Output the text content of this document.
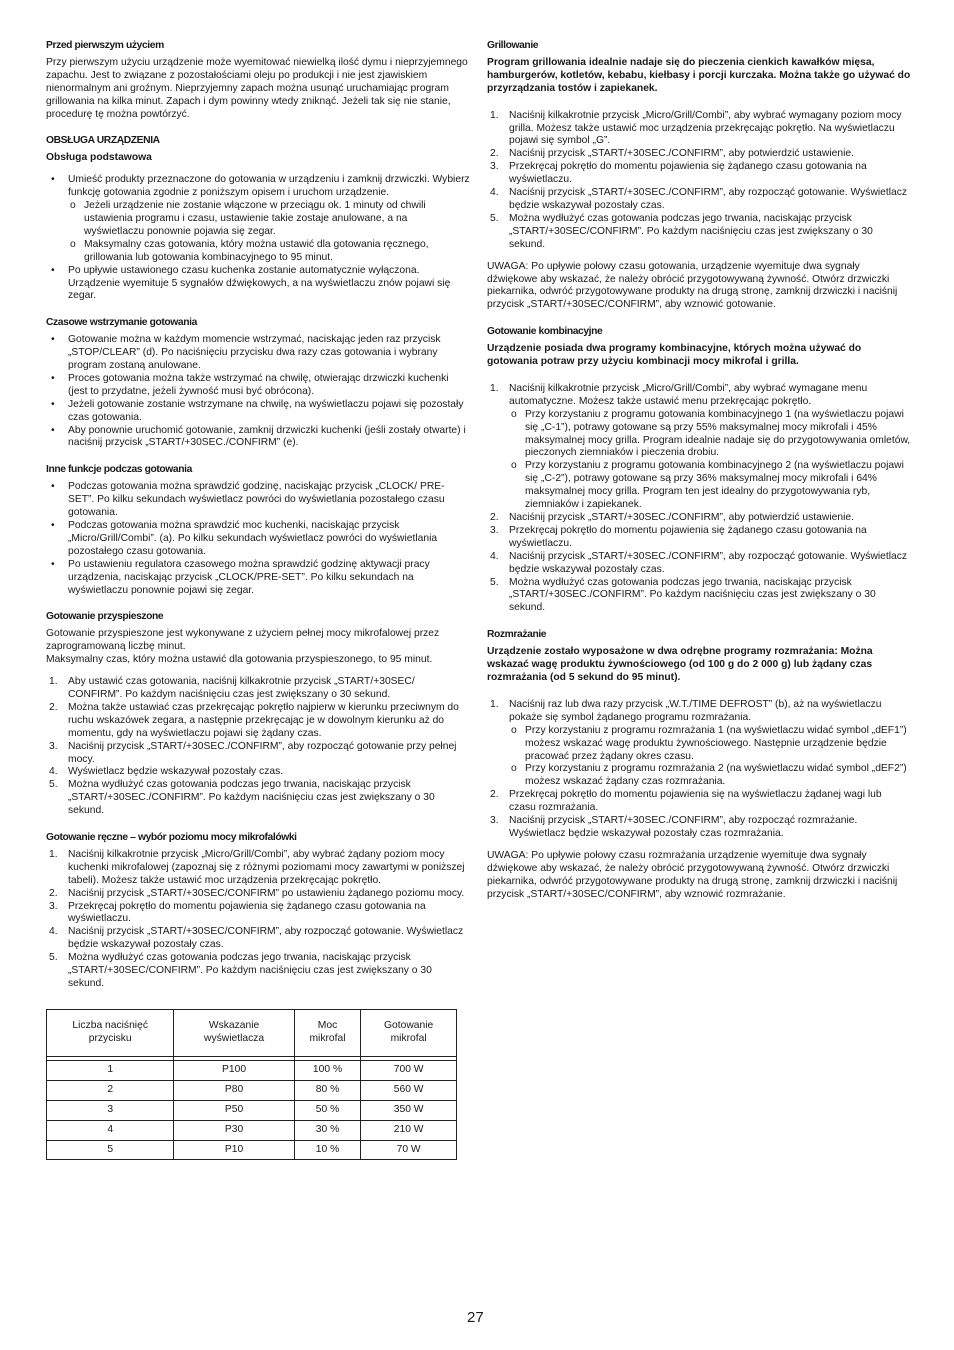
Przed pierwszym użyciem

Przy pierwszym użyciu urządzenie może wyemitować niewielką ilość dymu i nieprzyjemnego zapachu. Jest to związane z pozostałościami oleju po produkcji i nie jest zjawiskiem nienormalnym ani groźnym. Nieprzyjemny zapach można usunąć uruchamiając program grillowania na kilka minut. Zapach i dym powinny wtedy zniknąć. Jeżeli tak się nie stanie, procedurę tę można powtórzyć.

OBSŁUGA URZĄDZENIA

Obsługa podstawowa

• Umieść produkty przeznaczone do gotowania w urządzeniu i zamknij drzwiczki. Wybierz funkcję gotowania zgodnie z poniższym opisem i uruchom urządzenie.
o Jeżeli urządzenie nie zostanie włączone w przeciągu ok. 1 minuty od chwili ustawienia programu i czasu, ustawienie takie zostaje anulowane, a na wyświetlaczu ponownie pojawia się zegar.
o Maksymalny czas gotowania, który można ustawić dla gotowania ręcznego, grillowania lub gotowania kombinacyjnego to 95 minut.
• Po upływie ustawionego czasu kuchenka zostanie automatycznie wyłączona. Urządzenie wyemituje 5 sygnałów dźwiękowych, a na wyświetlaczu znów pojawi się zegar.
Czasowe wstrzymanie gotowania
• Gotowanie można w każdym momencie wstrzymać, naciskając jeden raz przycisk „STOP/CLEAR” (d). Po naciśnięciu przycisku dwa razy czas gotowania i wybrany program zostaną anulowane.
• Proces gotowania można także wstrzymać na chwilę, otwierając drzwiczki kuchenki (jest to przydatne, jeżeli żywność musi być obrócona).
• Jeżeli gotowanie zostanie wstrzymane na chwilę, na wyświetlaczu pojawi się pozostały czas gotowania.
• Aby ponownie uruchomić gotowanie, zamknij drzwiczki kuchenki (jeśli zostały otwarte) i naciśnij przycisk „START/+30SEC./CONFIRM” (e).
Inne funkcje podczas gotowania
• Podczas gotowania można sprawdzić godzinę, naciskając przycisk „CLOCK/ PRE-SET”. Po kilku sekundach wyświetlacz powróci do wyświetlania pozostałego czasu gotowania.
• Podczas gotowania można sprawdzić moc kuchenki, naciskając przycisk „Micro/Grill/Combi”. (a). Po kilku sekundach wyświetlacz powróci do wyświetlania pozostałego czasu gotowania.
• Po ustawieniu regulatora czasowego można sprawdzić godzinę aktywacji pracy urządzenia, naciskając przycisk „CLOCK/PRE-SET”. Po kilku sekundach na wyświetlaczu ponownie pojawi się zegar.
Gotowanie przyspieszone

Gotowanie przyspieszone jest wykonywane z użyciem pełnej mocy mikrofalowej przez zaprogramowaną liczbę minut.

Maksymalny czas, który można ustawić dla gotowania przyspieszonego, to 95 minut.

1. Aby ustawić czas gotowania, naciśnij kilkakrotnie przycisk „START/+30SEC/ CONFIRM”. Po każdym naciśnięciu czas jest zwiększany o 30 sekund.
2. Można także ustawiać czas przekręcając pokrętło najpierw w kierunku przeciwnym do ruchu wskazówek zegara, a następnie przekręcając je w dowolnym kierunku aż do momentu, gdy na wyświetlaczu pojawi się żądany czas.
3. Naciśnij przycisk „START/+30SEC./CONFIRM”, aby rozpocząć gotowanie przy pełnej mocy.
4. Wyświetlacz będzie wskazywał pozostały czas.
5. Można wydłużyć czas gotowania podczas jego trwania, naciskając przycisk „START/+30SEC./CONFIRM”. Po każdym naciśnięciu czas jest zwiększany o 30 sekund.
Gotowanie ręczne – wybór poziomu mocy mikrofalówki
1. Naciśnij kilkakrotnie przycisk „Micro/Grill/Combi”, aby wybrać żądany poziom mocy kuchenki mikrofalowej (zapoznaj się z różnymi poziomami mocy zawartymi w poniższej tabeli). Możesz także ustawić moc urządzenia przekręcając pokrętło.
2. Naciśnij przycisk „START/+30SEC/CONFIRM” po ustawieniu żądanego poziomu mocy.
3. Przekręcaj pokrętło do momentu pojawienia się żądanego czasu gotowania na wyświetlaczu.
4. Naciśnij przycisk „START/+30SEC/CONFIRM”, aby rozpocząć gotowanie. Wyświetlacz będzie wskazywał pozostały czas.
5. Można wydłużyć czas gotowania podczas jego trwania, naciskając przycisk „START/+30SEC/CONFIRM”. Po każdym naciśnięciu czas jest zwiększany o 30 sekund.
Liczba naciśnięć przycisku	Wskazanie wyświetlacza	Moc mikrofal	Gotowanie mikrofal

1	P100	100 %	700 W
2	P80	80 %	560 W
3	P50	50 %	350 W
4	P30	30 %	210 W
5	P10	10 %	70 W
Grillowanie

Program grillowania idealnie nadaje się do pieczenia cienkich kawałków mięsa, hamburgerów, kotletów, kebabu, kiełbasy i porcji kurczaka. Można także go używać do przyrządzania tostów i zapiekanek.

1. Naciśnij kilkakrotnie przycisk „Micro/Grill/Combi”, aby wybrać wymagany poziom mocy grilla. Możesz także ustawić moc urządzenia przekręcając pokrętło. Na wyświetlaczu pojawi się symbol „G”.
2. Naciśnij przycisk „START/+30SEC./CONFIRM”, aby potwierdzić ustawienie.
3. Przekręcaj pokrętło do momentu pojawienia się żądanego czasu gotowania na wyświetlaczu.
4. Naciśnij przycisk „START/+30SEC./CONFIRM”, aby rozpocząć gotowanie. Wyświetlacz będzie wskazywał pozostały czas.
5. Można wydłużyć czas gotowania podczas jego trwania, naciskając przycisk „START/+30SEC/CONFIRM”. Po każdym naciśnięciu czas jest zwiększany o 30 sekund.

UWAGA: Po upływie połowy czasu gotowania, urządzenie wyemituje dwa sygnały dźwiękowe aby wskazać, że należy obrócić przygotowywaną żywność. Otwórz drzwiczki piekarnika, odwróć przygotowywane produkty na drugą stronę, zamknij drzwiczki i naciśnij przycisk „START/+30SEC/CONFIRM”, aby wznowić gotowanie.

Gotowanie kombinacyjne

Urządzenie posiada dwa programy kombinacyjne, których można używać do gotowania potraw przy użyciu kombinacji mocy mikrofal i grilla.

1. Naciśnij kilkakrotnie przycisk „Micro/Grill/Combi”, aby wybrać wymagane menu automatyczne. Możesz także ustawić menu przekręcając pokrętło.
o Przy korzystaniu z programu gotowania kombinacyjnego 1 (na wyświetlaczu pojawi się „C-1”), potrawy gotowane są przy 55% maksymalnej mocy mikrofali i 45% maksymalnej mocy grilla. Program idealnie nadaje się do przygotowywania omletów, pieczonych ziemniaków i pieczenia drobiu.
o Przy korzystaniu z programu gotowania kombinacyjnego 2 (na wyświetlaczu pojawi się „C-2”), potrawy gotowane są przy 36% maksymalnej mocy mikrofali i 64% maksymalnej mocy grilla. Program ten jest idealny do przygotowywania ryb, ziemniaków i zapiekanek.
2. Naciśnij przycisk „START/+30SEC./CONFIRM”, aby potwierdzić ustawienie.
3. Przekręcaj pokrętło do momentu pojawienia się żądanego czasu gotowania na wyświetlaczu.
4. Naciśnij przycisk „START/+30SEC./CONFIRM”, aby rozpocząć gotowanie. Wyświetlacz będzie wskazywał pozostały czas.
5. Można wydłużyć czas gotowania podczas jego trwania, naciskając przycisk „START/+30SEC./CONFIRM”. Po każdym naciśnięciu czas jest zwiększany o 30 sekund.
Rozmrażanie

Urządzenie zostało wyposażone w dwa odrębne programy rozmrażania: Można wskazać wagę produktu żywnościowego (od 100 g do 2 000 g) lub żądany czas rozmrażania (od 5 sekund do 95 minut).

1. Naciśnij raz lub dwa razy przycisk „W.T./TIME DEFROST” (b), aż na wyświetlaczu pokaże się symbol żądanego programu rozmrażania.
o Przy korzystaniu z programu rozmrażania 1 (na wyświetlaczu widać symbol „dEF1”) możesz wskazać wagę produktu żywnościowego. Następnie urządzenie będzie pracować przez żądany okres czasu.
o Przy korzystaniu z programu rozmrażania 2 (na wyświetlaczu widać symbol „dEF2”) możesz wskazać żądany czas rozmrażania.
2. Przekręcaj pokrętło do momentu pojawienia się na wyświetlaczu żądanej wagi lub czasu rozmrażania.
3. Naciśnij przycisk „START/+30SEC./CONFIRM”, aby rozpocząć rozmrażanie. Wyświetlacz będzie wskazywał pozostały czas rozmrażania.

UWAGA: Po upływie połowy czasu rozmrażania urządzenie wyemituje dwa sygnały dźwiękowe aby wskazać, że należy obrócić przygotowywaną żywność. Otwórz drzwiczki piekarnika, odwróć przygotowywane produkty na drugą stronę, zamknij drzwiczki i naciśnij przycisk „START/+30SEC/CONFIRM”, aby wznowić rozmrażanie.

27
